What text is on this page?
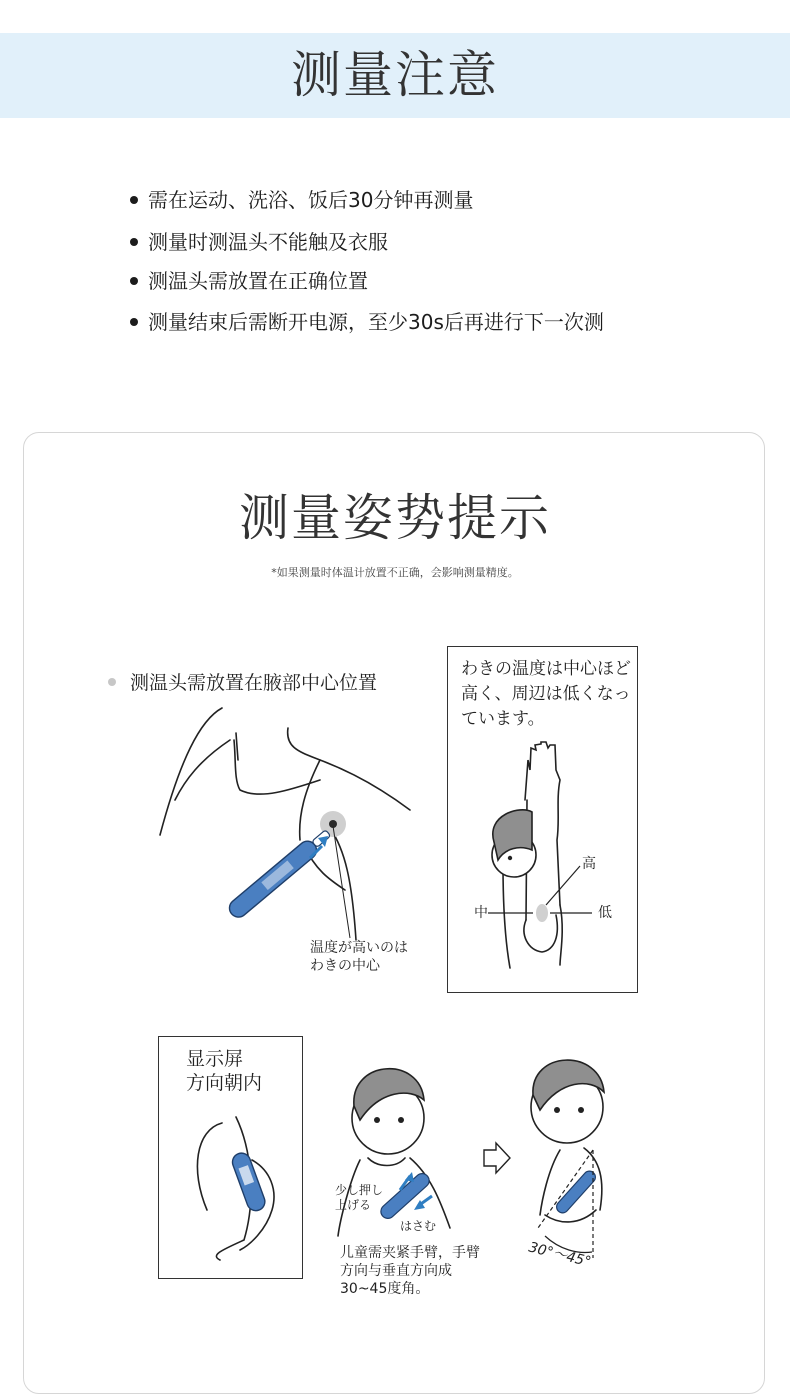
测量注意
需在运动、洗浴、饭后30分钟再测量
测量时测温头不能触及衣服
测温头需放置在正确位置
测量结束后需断开电源，至少30s后再进行下一次测
测量姿势提示
*如果测量时体温计放置不正确，会影响测量精度。
测温头需放置在腋部中心位置
わきの温度は中心ほど高く、周辺は低くなっています。
显示屏
方向朝内
温度が高いのは
わきの中心
高
中	低
少し押し
上げる
はさむ
儿童需夹紧手臂，手臂方向与垂直方向成30~45度角。
30°～45°
